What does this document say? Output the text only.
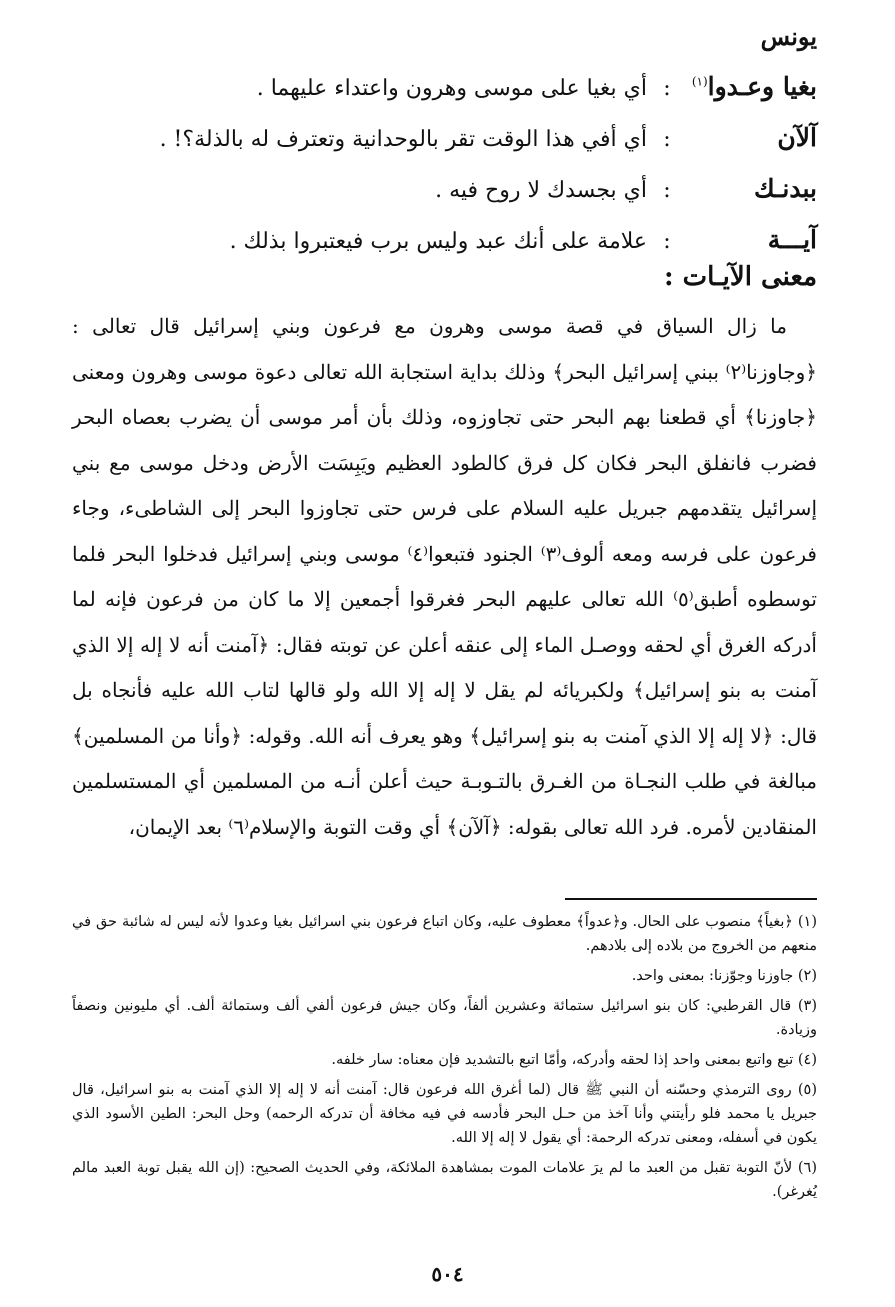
يونس
بغيا وعـدوا$^{(١)}$
:
أي بغيا على موسى وهرون واعتداء عليهما .
آلآن
:
أي أفي هذا الوقت تقر بالوحدانية وتعترف له بالذلة؟! .
ببدنـك
:
أي بجسدك لا روح فيه .
آيـــة
:
علامة على أنك عبد وليس برب فيعتبروا بذلك .
معنى الآيـات :

ما زال السياق في قصة موسى وهرون مع فرعون وبني إسرائيل قال تعالى : ﴿وجاوزنا⁽٢⁾ ببني إسرائيل البحر﴾ وذلك بداية استجابة الله تعالى دعوة موسى وهرون ومعنى ﴿جاوزنا﴾ أي قطعنا بهم البحر حتى تجاوزوه، وذلك بأن أمر موسى أن يضرب بعصاه البحر فضرب فانفلق البحر فكان كل فرق كالطود العظيم ويَبِسَت الأرض ودخل موسى مع بني إسرائيل يتقدمهم جبريل عليه السلام على فرس حتى تجاوزوا البحر إلى الشاطىء، وجاء فرعون على فرسه ومعه ألوف⁽٣⁾ الجنود فتبعوا⁽٤⁾ موسى وبني إسرائيل فدخلوا البحر فلما توسطوه أطبق⁽٥⁾ الله تعالى عليهم البحر فغرقوا أجمعين إلا ما كان من فرعون فإنه لما أدركه الغرق أي لحقه ووصـل الماء إلى عنقه أعلن عن توبته فقال: ﴿آمنت أنه لا إله إلا الذي آمنت به بنو إسرائيل﴾ ولكبريائه لم يقل لا إله إلا الله ولو قالها لتاب الله عليه فأنجاه بل قال: ﴿لا إله إلا الذي آمنت به بنو إسرائيل﴾ وهو يعرف أنه الله. وقوله: ﴿وأنا من المسلمين﴾ مبالغة في طلب النجـاة من الغـرق بالتـوبـة حيث أعلن أنـه من المسلمين أي المستسلمين المنقادين لأمره. فرد الله تعالى بقوله: ﴿آلآن﴾ أي وقت التوبة والإسلام⁽٦⁾ بعد الإيمان،

(١) ﴿بغياً﴾ منصوب على الحال. و﴿عدواً﴾ معطوف عليه، وكان اتباع فرعون بني اسرائيل بغيا وعدوا لأنه ليس له شائبة حق في منعهم من الخروج من بلاده إلى بلادهم.

(٢) جاوزنا وجوّزنا: بمعنى واحد.

(٣) قال القرطبي: كان بنو اسرائيل ستمائة وعشرين ألفاً، وكان جيش فرعون ألفي ألف وستمائة ألف. أي مليونين ونصفاً وزيادة.

(٤) تبع واتبع بمعنى واحد إذا لحقه وأدركه، وأمّا اتبع بالتشديد فإن معناه: سار خلفه.

(٥) روى الترمذي وحسّنه أن النبي ﷺ قال (لما أغرق الله فرعون قال: آمنت أنه لا إله إلا الذي آمنت به بنو اسرائيل، قال جبريل يا محمد فلو رأيتني وأنا آخذ من حـل البحر فأدسه في فيه مخافة أن تدركه الرحمه) وحل البحر: الطين الأسود الذي يكون في أسفله، ومعنى تدركه الرحمة: أي يقول لا إله إلا الله.

(٦) لأنّ التوبة تقبل من العبد ما لم يرَ علامات الموت بمشاهدة الملائكة، وفي الحديث الصحيح: (إن الله يقبل توبة العبد مالم يُغرغر).

٥٠٤
